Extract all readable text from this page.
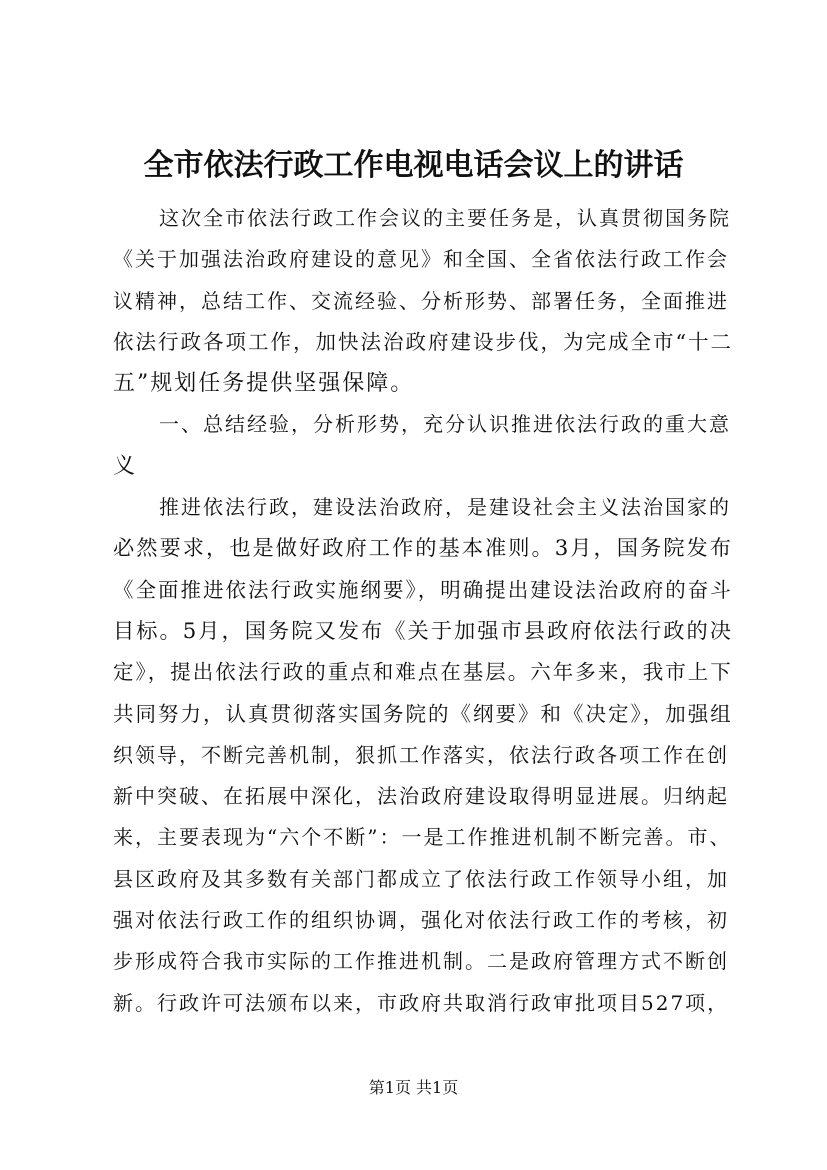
全市依法行政工作电视电话会议上的讲话
这次全市依法行政工作会议的主要任务是，认真贯彻国务院
《关于加强法治政府建设的意见》和全国、全省依法行政工作会
议精神，总结工作、交流经验、分析形势、部署任务，全面推进
依法行政各项工作，加快法治政府建设步伐，为完成全市“十二
五”规划任务提供坚强保障。
一、总结经验，分析形势，充分认识推进依法行政的重大意
义
推进依法行政，建设法治政府，是建设社会主义法治国家的
必然要求，也是做好政府工作的基本准则。3月，国务院发布
《全面推进依法行政实施纲要》，明确提出建设法治政府的奋斗
目标。5月，国务院又发布《关于加强市县政府依法行政的决
定》，提出依法行政的重点和难点在基层。六年多来，我市上下
共同努力，认真贯彻落实国务院的《纲要》和《决定》，加强组
织领导，不断完善机制，狠抓工作落实，依法行政各项工作在创
新中突破、在拓展中深化，法治政府建设取得明显进展。归纳起
来，主要表现为“六个不断”：一是工作推进机制不断完善。市、
县区政府及其多数有关部门都成立了依法行政工作领导小组，加
强对依法行政工作的组织协调，强化对依法行政工作的考核，初
步形成符合我市实际的工作推进机制。二是政府管理方式不断创
新。行政许可法颁布以来，市政府共取消行政审批项目527项，
第1页 共1页
